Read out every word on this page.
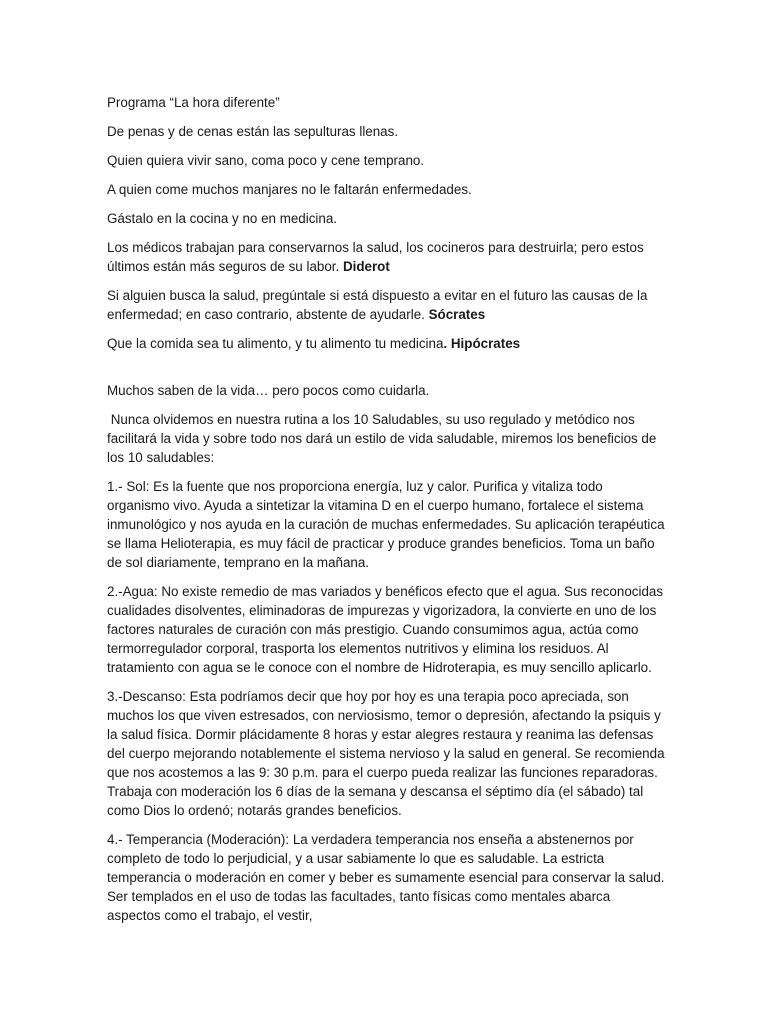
Programa “La hora diferente”

De penas y de cenas están las sepulturas llenas.

Quien quiera vivir sano, coma poco y cene temprano.

A quien come muchos manjares no le faltarán enfermedades.

Gástalo en la cocina y no en medicina.

Los médicos trabajan para conservarnos la salud, los cocineros para destruirla; pero estos últimos están más seguros de su labor. Diderot

Si alguien busca la salud, pregúntale si está dispuesto a evitar en el futuro las causas de la enfermedad; en caso contrario, abstente de ayudarle. Sócrates

Que la comida sea tu alimento, y tu alimento tu medicina. Hipócrates

Muchos saben de la vida… pero pocos como cuidarla.

Nunca olvidemos en nuestra rutina a los 10 Saludables, su uso regulado y metódico nos facilitará la vida y sobre todo nos dará un estilo de vida saludable, miremos los beneficios de los 10 saludables:

1.- Sol: Es la fuente que nos proporciona energía, luz y calor. Purifica y vitaliza todo organismo vivo. Ayuda a sintetizar la vitamina D en el cuerpo humano, fortalece el sistema inmunológico y nos ayuda en la curación de muchas enfermedades. Su aplicación terapéutica se llama Helioterapia, es muy fácil de practicar y produce grandes beneficios. Toma un baño de sol diariamente, temprano en la mañana.

2.-Agua: No existe remedio de mas variados y benéficos efecto que el agua. Sus reconocidas cualidades disolventes, eliminadoras de impurezas y vigorizadora, la convierte en uno de los factores naturales de curación con más prestigio. Cuando consumimos agua, actúa como termorregulador corporal, trasporta los elementos nutritivos y elimina los residuos. Al tratamiento con agua se le conoce con el nombre de Hidroterapia, es muy sencillo aplicarlo.

3.-Descanso: Esta podríamos decir que hoy por hoy es una terapia poco apreciada, son muchos los que viven estresados, con nerviosismo, temor o depresión, afectando la psiquis y la salud física. Dormir plácidamente 8 horas y estar alegres restaura y reanima las defensas del cuerpo mejorando notablemente el sistema nervioso y la salud en general. Se recomienda que nos acostemos a las 9: 30 p.m. para el cuerpo pueda realizar las funciones reparadoras. Trabaja con moderación los 6 días de la semana y descansa el séptimo día (el sábado) tal como Dios lo ordenó; notarás grandes beneficios.

4.- Temperancia (Moderación): La verdadera temperancia nos enseña a abstenernos por completo de todo lo perjudicial, y a usar sabiamente lo que es saludable. La estricta temperancia o moderación en comer y beber es sumamente esencial para conservar la salud. Ser templados en el uso de todas las facultades, tanto físicas como mentales abarca aspectos como el trabajo, el vestir,
